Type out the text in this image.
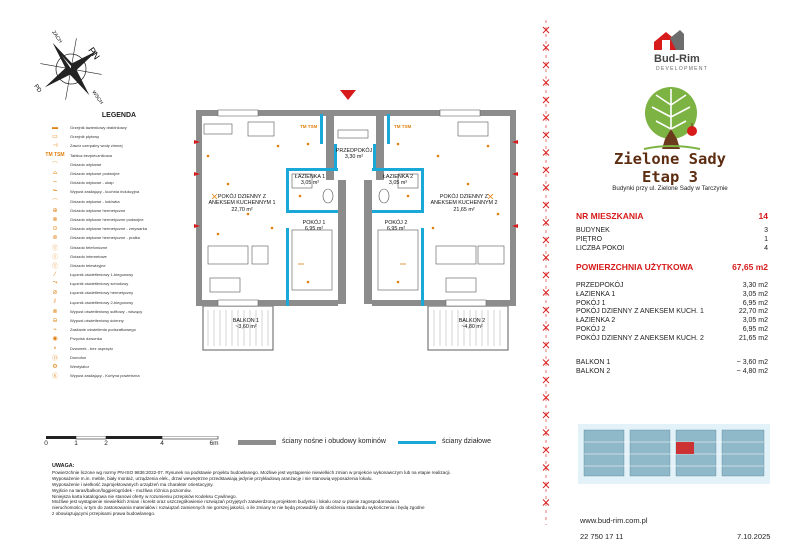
PN
PD
ZACH
WSCH
LEGENDA
▬	Grzejnik łazienkowy drabinkowy
▭	Grzejnik płytowy
⊣	Zawór czerpalny wody zimnej
TM TSM	Tablica bezpiecznikowa
⌒	Gniazdo wtykowe
⌓	Gniazdo wtykowe podwójne
⌔	Gniazdo wtykowe - okap
⏦	Wypust zasilający - kuchnia indukcyjna
⌒	Gniazdo wtykowe - lodówka
⊕	Gniazdo wtykowe hermetyczne
⊗	Gniazdo wtykowe hermetyczne podwójne
⊙	Gniazdo wtykowe hermetyczne - zmywarka
⊚	Gniazdo wtykowe hermetyczne - pralka
Ⓣ	Gniazdo telefoniczne
Ⓘ	Gniazdo internetowe
Ⓣ	Gniazdo telewizyjne
⁄	Łącznik oświetleniowy 1-biegunowy
⤳	Łącznik oświetleniowy schodowy
⊘	Łącznik oświetleniowy hermetyczny
⫽	Łącznik oświetleniowy 2-biegunowy
⊗	Wypust oświetleniowy sufitowy - wiszący
⊖	Wypust oświetleniowy ścienny
⌁	Zasilanie oświetlenia podszafkowego
◉	Przycisk dzwonka
⚬	Dzwonek - bez osprzętu
Ⓓ	Domofon
⚙	Wentylator
Ⓚ	Wypust zasilający - Kurtyna powietrzna
TM TSM	TM TSM
PRZEDPOKÓJ
3,30 m²
ŁAZIENKA 1
3,05 m²
ŁAZIENKA 2
3,05 m²
POKÓJ DZIENNY Z
ANEKSEM KUCHENNYM 1
22,70 m²
POKÓJ DZIENNY Z
ANEKSEM KUCHENNYM 2
21,65 m²
POKÓJ 1
6,95 m²
POKÓJ 2
6,95 m²
BALKON 1
~3,60 m²
BALKON 2
~4,80 m²
0	1	2	4	6m	ściany nośne i obudowy kominów	ściany działowe
UWAGA:
Powierzchnie liczone wg normy PN-ISO 9836:2022-07. Rysunek na podstawie projektu budowlanego. Możliwe jest wystąpienie niewielkich zmian w projekcie wykonawczym lub na etapie realizacji.
Wyposażenie m.in. meble, biały montaż, urządzenia elek., drzwi wewnętrzne przedstawiają jedynie przykładową aranżację i nie stanowią wyposażenia lokalu.
Wyposażenie i wielkość zaprojektowanych urządzeń ma charakter orientacyjny.
Wyjście na taras/balkon/loggie/ogródek - możliwa różnica poziomów.
Niniejsza karta katalogowa nie stanowi oferty w rozumieniu przepisów Kodeksu Cywilnego.
Możliwe jest wystąpienie niewielkich zmian i korekt oraz uszczegółowienie rozwiązań przyjętych zatwierdzoną projektem budynku i lokalu oraz w planie zagospodarowania
nieruchomości, w tym do zastosowania materiałów i rozwiązań zamiennych nie gorszej jakości, o ile zmiany te nie będą prowadziły do obniżenia standardu wykończenia i będą zgodne
z obowiązującymi przepisami prawa budowlanego.
Bud-Rim
DEVELOPMENT
Zielone Sady
Etap 3
Budynki przy ul. Zielone Sady w Tarczynie
NR MIESZKANIA	14
BUDYNEK	3
PIĘTRO	1
LICZBA POKOI	4
POWIERZCHNIA UŻYTKOWA	67,65 m2
www.bud-rim.com.pl
22 750 17 11	7.10.2025
PRZEDPOKÓJ	3,30 m2
ŁAZIENKA 1	3,05 m2
POKÓJ 1	6,95 m2
POKÓJ DZIENNY Z ANEKSEM KUCH. 1	22,70 m2
ŁAZIENKA 2	3,05 m2
POKÓJ 2	6,95 m2
POKÓJ DZIENNY Z ANEKSEM KUCH. 2	21,65 m2
BALKON 1	~ 3,60 m2
BALKON 2	~ 4,80 m2
